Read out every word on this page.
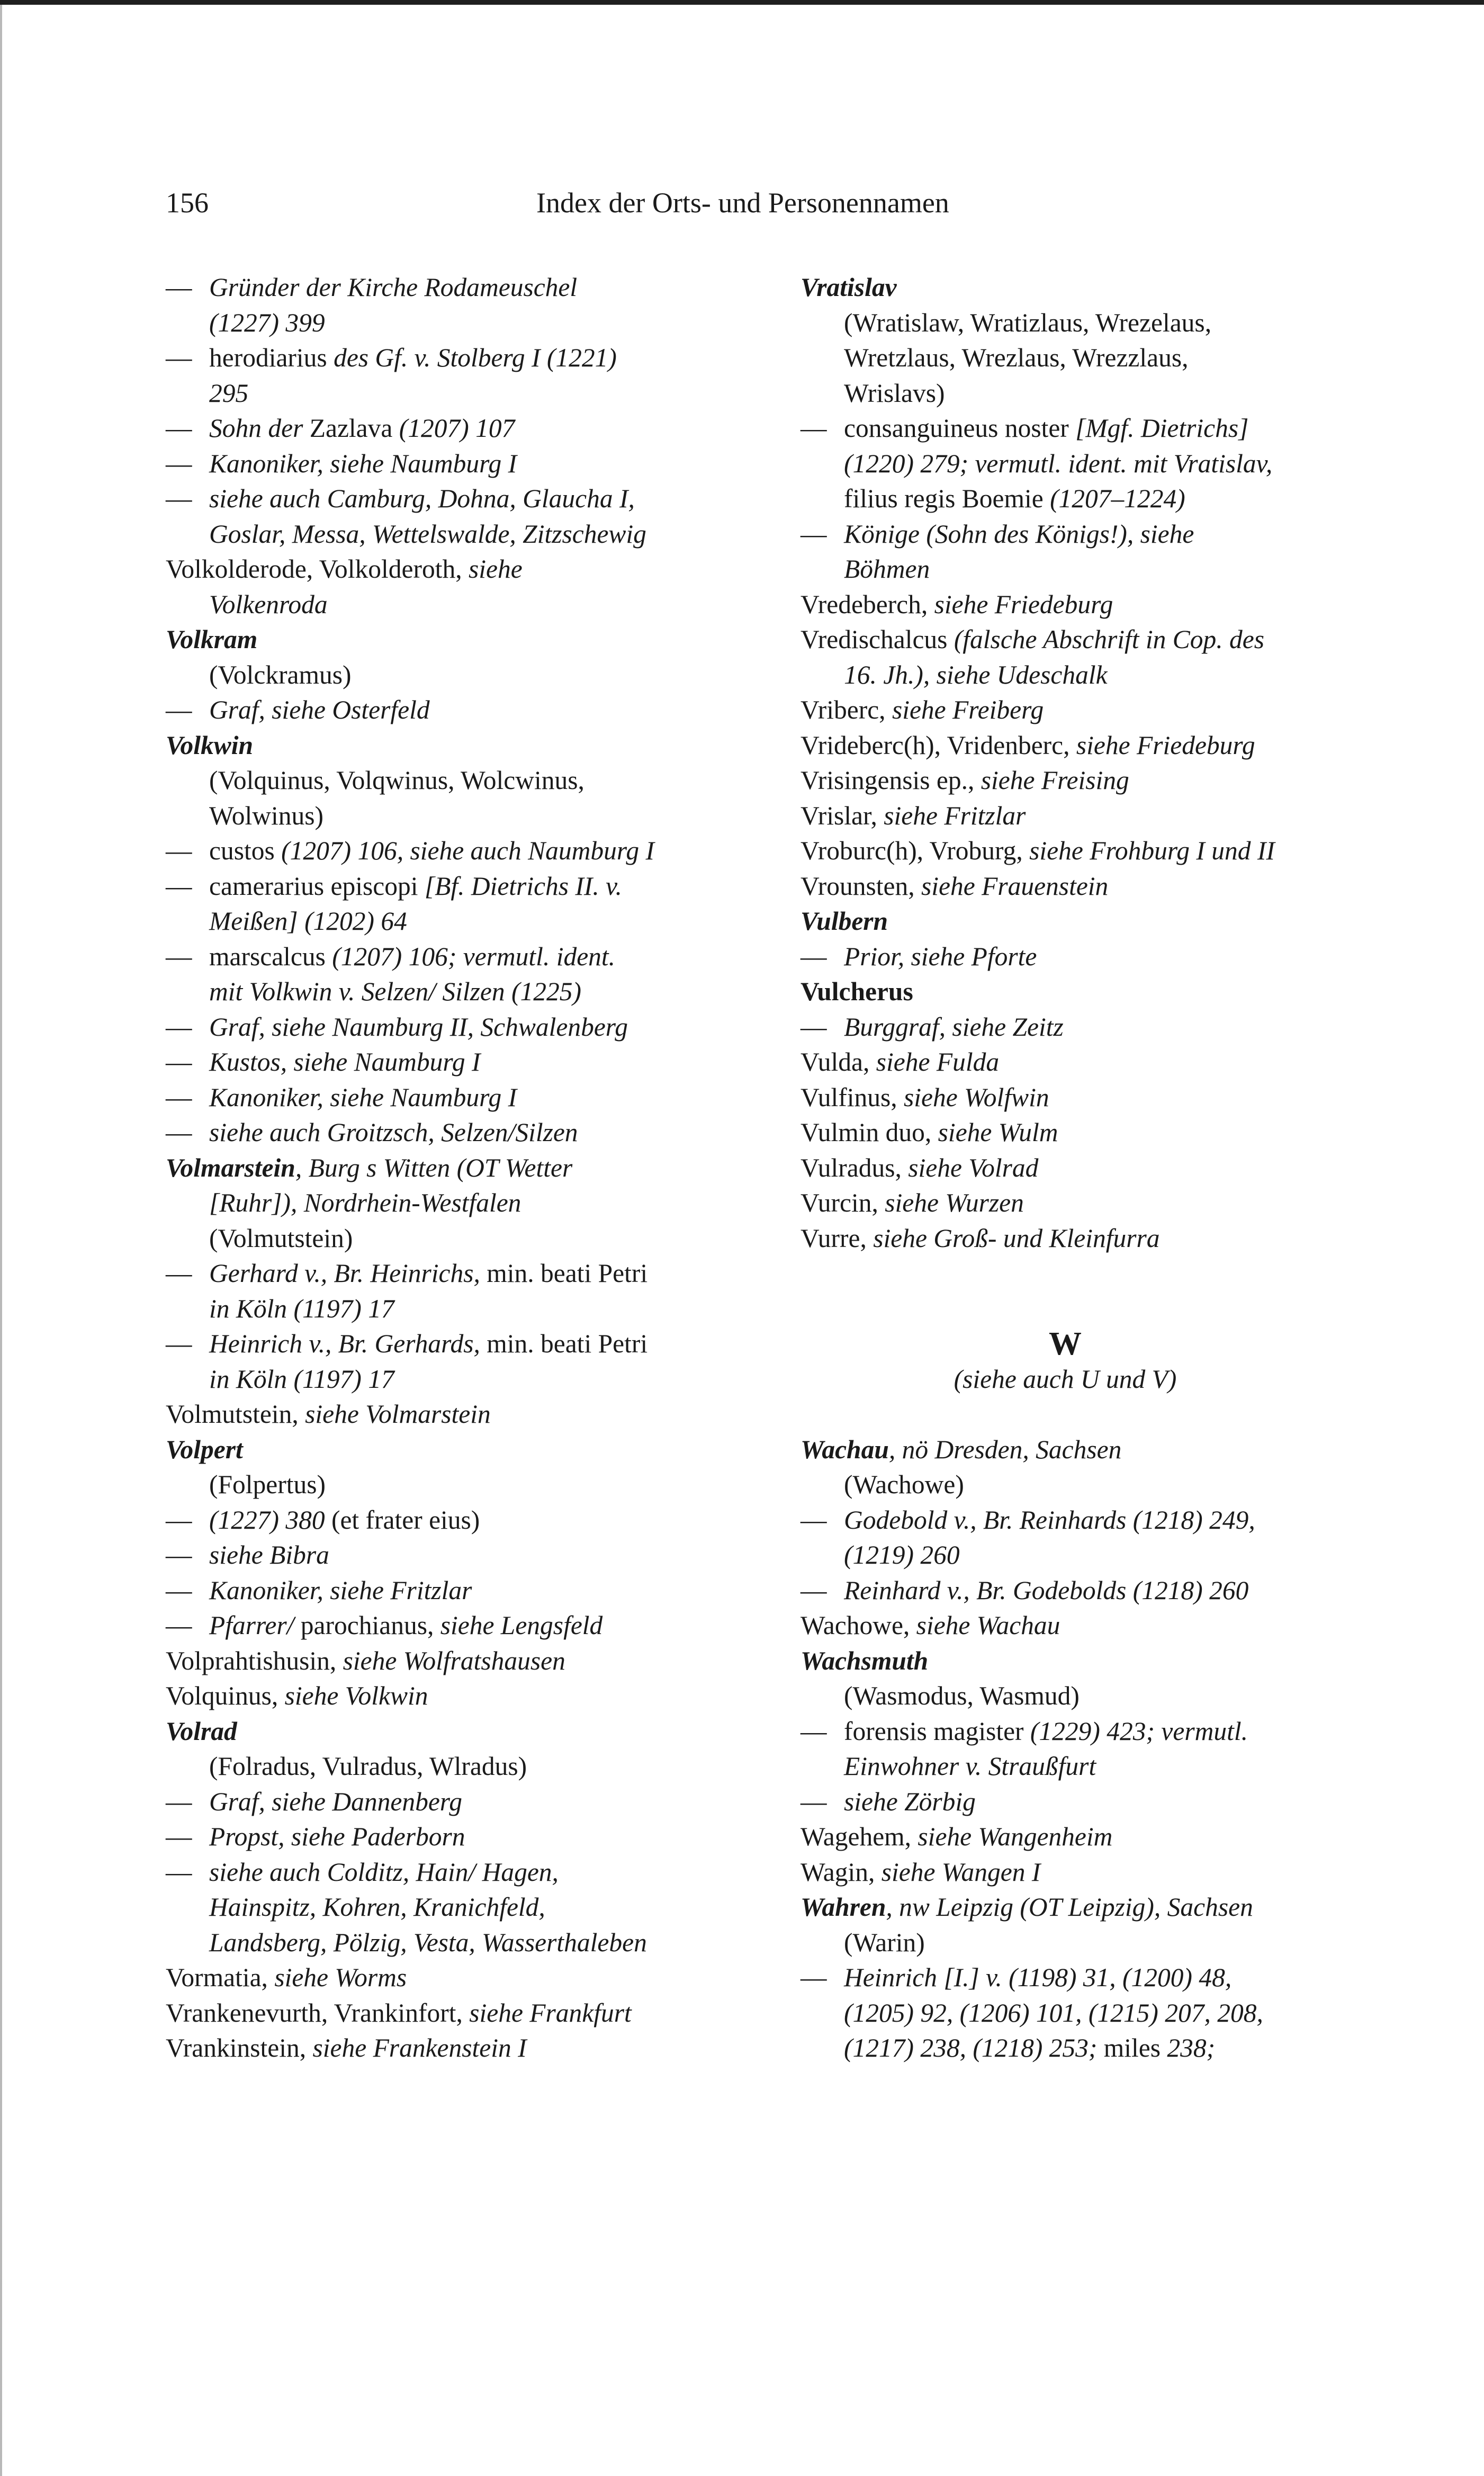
156	Index der Orts- und Personennamen
— Gründer der Kirche Rodameuschel
(1227) 399
— herodiarius des Gf. v. Stolberg I (1221)
295
— Sohn der Zazlava (1207) 107
— Kanoniker, siehe Naumburg I
— siehe auch Camburg, Dohna, Glaucha I,
Goslar, Messa, Wettelswalde, Zitzschewig
Volkolderode, Volkolderoth, siehe
Volkenroda
Volkram
(Volckramus)
— Graf, siehe Osterfeld
Volkwin
(Volquinus, Volqwinus, Wolcwinus,
Wolwinus)
— custos (1207) 106, siehe auch Naumburg I
— camerarius episcopi [Bf. Dietrichs II. v.
Meißen] (1202) 64
— marscalcus (1207) 106; vermutl. ident.
mit Volkwin v. Selzen/ Silzen (1225)
— Graf, siehe Naumburg II, Schwalenberg
— Kustos, siehe Naumburg I
— Kanoniker, siehe Naumburg I
— siehe auch Groitzsch, Selzen/Silzen
Volmarstein, Burg s Witten (OT Wetter
[Ruhr]), Nordrhein-Westfalen
(Volmutstein)
— Gerhard v., Br. Heinrichs, min. beati Petri
in Köln (1197) 17
— Heinrich v., Br. Gerhards, min. beati Petri
in Köln (1197) 17
Volmutstein, siehe Volmarstein
Volpert
(Folpertus)
— (1227) 380 (et frater eius)
— siehe Bibra
— Kanoniker, siehe Fritzlar
— Pfarrer/ parochianus, siehe Lengsfeld
Volprahtishusin, siehe Wolfratshausen
Volquinus, siehe Volkwin
Volrad
(Folradus, Vulradus, Wlradus)
— Graf, siehe Dannenberg
— Propst, siehe Paderborn
— siehe auch Colditz, Hain/ Hagen,
Hainspitz, Kohren, Kranichfeld,
Landsberg, Pölzig, Vesta, Wasserthaleben
Vormatia, siehe Worms
Vrankenevurth, Vrankinfort, siehe Frankfurt
Vrankinstein, siehe Frankenstein I
Vratislav
(Wratislaw, Wratizlaus, Wrezelaus,
Wretzlaus, Wrezlaus, Wrezzlaus,
Wrislavs)
— consanguineus noster [Mgf. Dietrichs]
(1220) 279; vermutl. ident. mit Vratislav,
filius regis Boemie (1207–1224)
— Könige (Sohn des Königs!), siehe
Böhmen
Vredeberch, siehe Friedeburg
Vredischalcus (falsche Abschrift in Cop. des
16. Jh.), siehe Udeschalk
Vriberc, siehe Freiberg
Vrideberc(h), Vridenberc, siehe Friedeburg
Vrisingensis ep., siehe Freising
Vrislar, siehe Fritzlar
Vroburc(h), Vroburg, siehe Frohburg I und II
Vrounsten, siehe Frauenstein
Vulbern
— Prior, siehe Pforte
Vulcherus
— Burggraf, siehe Zeitz
Vulda, siehe Fulda
Vulfinus, siehe Wolfwin
Vulmin duo, siehe Wulm
Vulradus, siehe Volrad
Vurcin, siehe Wurzen
Vurre, siehe Groß- und Kleinfurra
W
(siehe auch U und V)
Wachau, nö Dresden, Sachsen
(Wachowe)
— Godebold v., Br. Reinhards (1218) 249,
(1219) 260
— Reinhard v., Br. Godebolds (1218) 260
Wachowe, siehe Wachau
Wachsmuth
(Wasmodus, Wasmud)
— forensis magister (1229) 423; vermutl.
Einwohner v. Straußfurt
— siehe Zörbig
Wagehem, siehe Wangenheim
Wagin, siehe Wangen I
Wahren, nw Leipzig (OT Leipzig), Sachsen
(Warin)
— Heinrich [I.] v. (1198) 31, (1200) 48,
(1205) 92, (1206) 101, (1215) 207, 208,
(1217) 238, (1218) 253; miles 238;
